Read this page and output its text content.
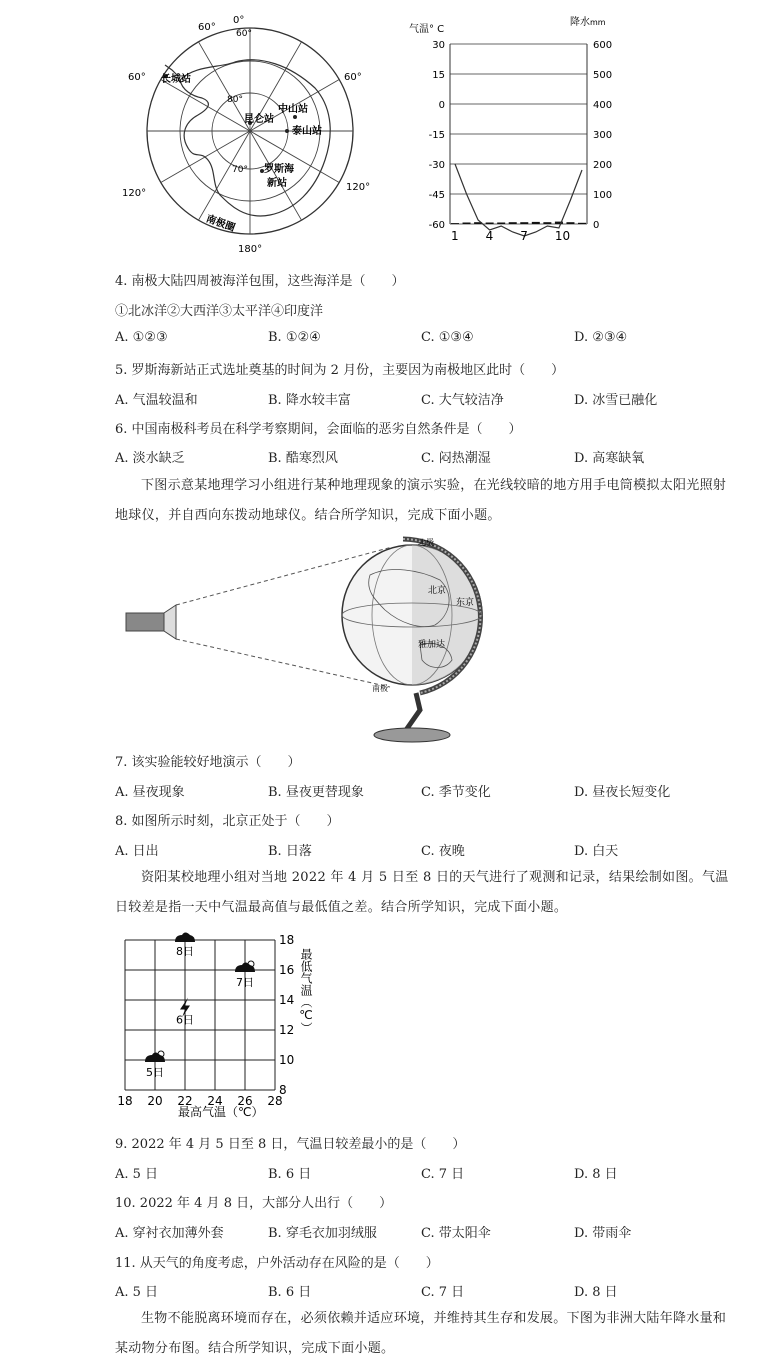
0°
60°
60°	60°
120°
120°
180°
80°
70°
60°
长城站
中山站
昆仑站
泰山站
罗斯海
新站
南极圈
气温° C
降水mm
30	600
15	500
0	400
-15	300
-30	200
-45	100
-60	0
1 4 7 10
4. 南极大陆四周被海洋包围，这些海洋是（　　）
①北冰洋②大西洋③太平洋④印度洋
A. ①②③	B. ①②④	C. ①③④	D. ②③④
5. 罗斯海新站正式选址奠基的时间为 2 月份，主要因为南极地区此时（　　）
A. 气温较温和	B. 降水较丰富	C. 大气较洁净	D. 冰雪已融化
6. 中国南极科考员在科学考察期间，会面临的恶劣自然条件是（　　）
A. 淡水缺乏	B. 酷寒烈风	C. 闷热潮湿	D. 高寒缺氧
下图示意某地理学习小组进行某种地理现象的演示实验，在光线较暗的地方用手电筒模拟太阳光照射地球仪，并自西向东拨动地球仪。结合所学知识，完成下面小题。
北京
东京
雅加达
北极
南极
7. 该实验能较好地演示（　　）
A. 昼夜现象	B. 昼夜更替现象	C. 季节变化	D. 昼夜长短变化
8. 如图所示时刻，北京正处于（　　）
A. 日出	B. 日落	C. 夜晚	D. 白天
资阳某校地理小组对当地 2022 年 4 月 5 日至 8 日的天气进行了观测和记录，结果绘制如图。气温日较差是指一天中气温最高值与最低值之差。结合所学知识，完成下面小题。
5日
6日
7日
8日
18 20 22 24 26 28
18
16
14
12
10
8
最高气温（℃）
最低气温（℃）
9. 2022 年 4 月 5 日至 8 日，气温日较差最小的是（　　）
A. 5 日	B. 6 日	C. 7 日	D. 8 日
10. 2022 年 4 月 8 日，大部分人出行（　　）
A. 穿衬衣加薄外套	B. 穿毛衣加羽绒服	C. 带太阳伞	D. 带雨伞
11. 从天气的角度考虑，户外活动存在风险的是（　　）
A. 5 日	B. 6 日	C. 7 日	D. 8 日
生物不能脱离环境而存在，必须依赖并适应环境，并维持其生存和发展。下图为非洲大陆年降水量和某动物分布图。结合所学知识，完成下面小题。
